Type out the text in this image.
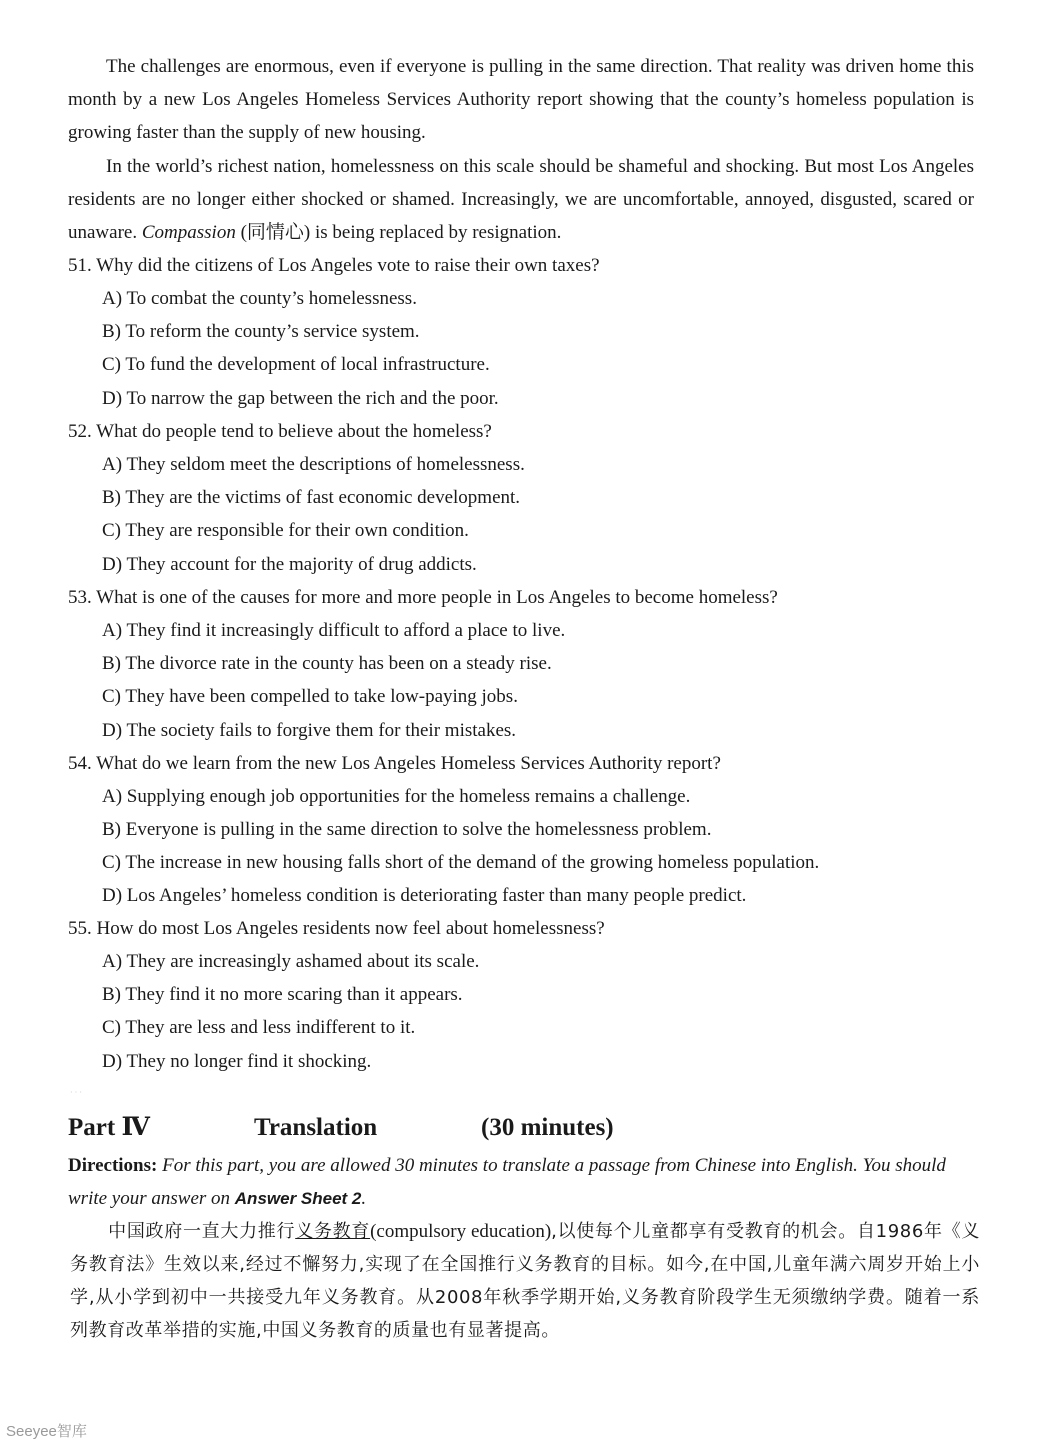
The challenges are enormous, even if everyone is pulling in the same direction. That reality was driven home this month by a new Los Angeles Homeless Services Authority report showing that the county’s homeless population is growing faster than the supply of new housing.
In the world’s richest nation, homelessness on this scale should be shameful and shocking. But most Los Angeles residents are no longer either shocked or shamed. Increasingly, we are uncomfortable, annoyed, disgusted, scared or unaware. Compassion (同情心) is being replaced by resignation.
51. Why did the citizens of Los Angeles vote to raise their own taxes?
A) To combat the county’s homelessness.
B) To reform the county’s service system.
C) To fund the development of local infrastructure.
D) To narrow the gap between the rich and the poor.
52. What do people tend to believe about the homeless?
A) They seldom meet the descriptions of homelessness.
B) They are the victims of fast economic development.
C) They are responsible for their own condition.
D) They account for the majority of drug addicts.
53. What is one of the causes for more and more people in Los Angeles to become homeless?
A) They find it increasingly difficult to afford a place to live.
B) The divorce rate in the county has been on a steady rise.
C) They have been compelled to take low-paying jobs.
D) The society fails to forgive them for their mistakes.
54. What do we learn from the new Los Angeles Homeless Services Authority report?
A) Supplying enough job opportunities for the homeless remains a challenge.
B) Everyone is pulling in the same direction to solve the homelessness problem.
C) The increase in new housing falls short of the demand of the growing homeless population.
D) Los Angeles’ homeless condition is deteriorating faster than many people predict.
55. How do most Los Angeles residents now feel about homelessness?
A) They are increasingly ashamed about its scale.
B) They find it no more scaring than it appears.
C) They are less and less indifferent to it.
D) They no longer find it shocking.
· · ·
Part Ⅳ	Translation	(30 minutes)
Directions: For this part, you are allowed 30 minutes to translate a passage from Chinese into English. You should write your answer on Answer Sheet 2.
中国政府一直大力推行义务教育(compulsory education),以使每个儿童都享有受教育的机会。自1986年《义务教育法》生效以来,经过不懈努力,实现了在全国推行义务教育的目标。如今,在中国,儿童年满六周岁开始上小学,从小学到初中一共接受九年义务教育。从2008年秋季学期开始,义务教育阶段学生无须缴纳学费。随着一系列教育改革举措的实施,中国义务教育的质量也有显著提高。
Seeyee智库
